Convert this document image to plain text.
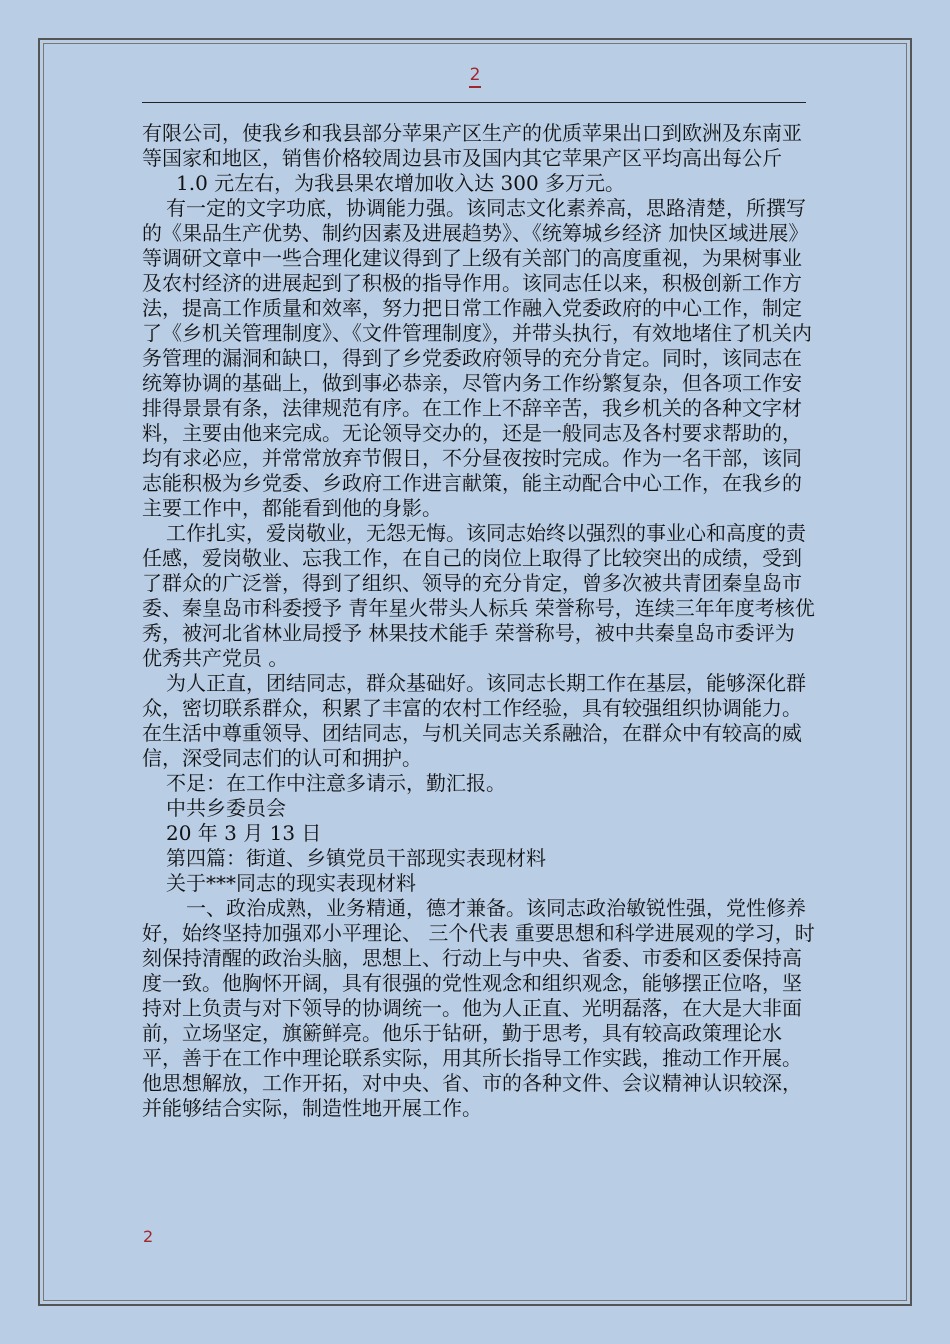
2

有限公司，使我乡和我县部分苹果产区生产的优质苹果出口到欧洲及东南亚等国家和地区，销售价格较周边县市及国内其它苹果产区平均高出每公斤

1.0 元左右，为我县果农增加收入达 300 多万元。

有一定的文字功底，协调能力强。该同志文化素养高，思路清楚，所撰写的《果品生产优势、制约因素及进展趋势》、《统筹城乡经济 加快区域进展》等调研文章中一些合理化建议得到了上级有关部门的高度重视，为果树事业及农村经济的进展起到了积极的指导作用。该同志任以来，积极创新工作方法，提高工作质量和效率，努力把日常工作融入党委政府的中心工作，制定了《乡机关管理制度》、《文件管理制度》，并带头执行，有效地堵住了机关内务管理的漏洞和缺口，得到了乡党委政府领导的充分肯定。同时，该同志在统筹协调的基础上，做到事必恭亲，尽管内务工作纷繁复杂，但各项工作安排得景景有条，法律规范有序。在工作上不辞辛苦，我乡机关的各种文字材料，主要由他来完成。无论领导交办的，还是一般同志及各村要求帮助的，均有求必应，并常常放弃节假日，不分昼夜按时完成。作为一名干部，该同志能积极为乡党委、乡政府工作进言献策，能主动配合中心工作，在我乡的主要工作中，都能看到他的身影。

工作扎实，爱岗敬业，无怨无悔。该同志始终以强烈的事业心和高度的责任感，爱岗敬业、忘我工作，在自己的岗位上取得了比较突出的成绩，受到了群众的广泛誉，得到了组织、领导的充分肯定，曾多次被共青团秦皇岛市委、秦皇岛市科委授予 青年星火带头人标兵 荣誉称号，连续三年年度考核优秀，被河北省林业局授予 林果技术能手 荣誉称号，被中共秦皇岛市委评为 优秀共产党员 。

为人正直，团结同志，群众基础好。该同志长期工作在基层，能够深化群众，密切联系群众，积累了丰富的农村工作经验，具有较强组织协调能力。在生活中尊重领导、团结同志，与机关同志关系融洽，在群众中有较高的威信，深受同志们的认可和拥护。

不足：在工作中注意多请示，勤汇报。

中共乡委员会

20 年 3 月 13 日

第四篇：街道、乡镇党员干部现实表现材料

关于***同志的现实表现材料

一、政治成熟，业务精通，德才兼备。该同志政治敏锐性强，党性修养好，始终坚持加强邓小平理论、 三个代表 重要思想和科学进展观的学习，时刻保持清醒的政治头脑，思想上、行动上与中央、省委、市委和区委保持高度一致。他胸怀开阔，具有很强的党性观念和组织观念，能够摆正位咯，坚持对上负责与对下领导的协调统一。他为人正直、光明磊落，在大是大非面前，立场坚定，旗簖鲜亮。他乐于钻研，勤于思考，具有较高政策理论水平，善于在工作中理论联系实际，用其所长指导工作实践，推动工作开展。他思想解放，工作开拓，对中央、省、市的各种文件、会议精神认识较深，并能够结合实际，制造性地开展工作。

2
